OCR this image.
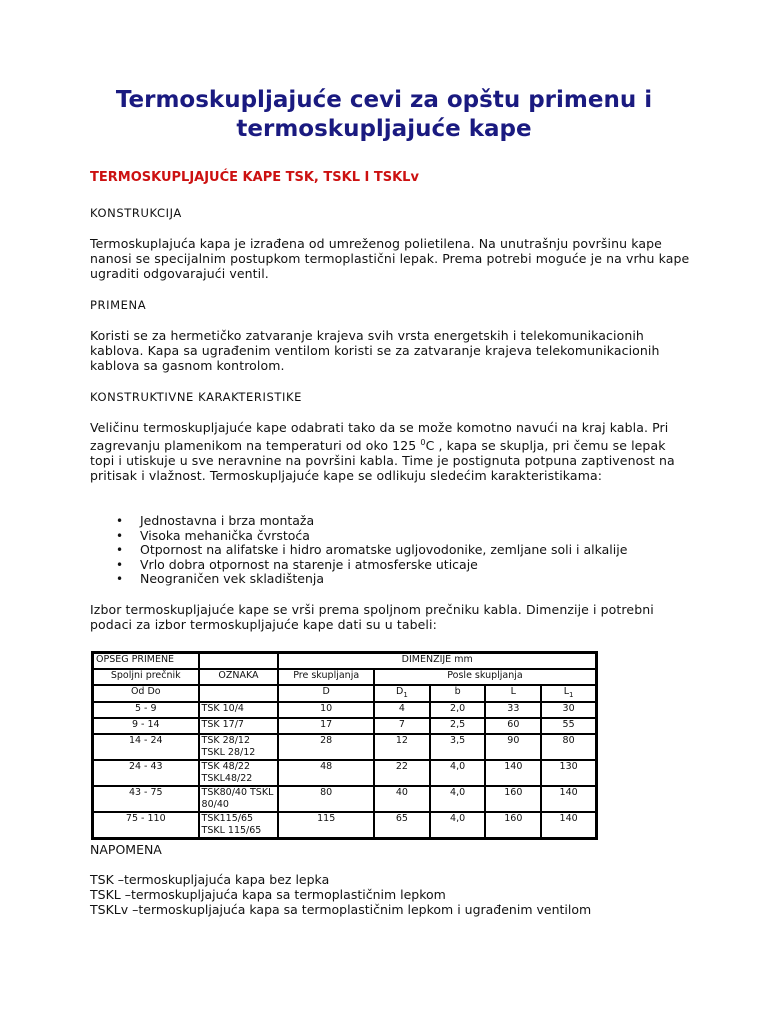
Termoskupljajuće cevi za opštu primenu i
termoskupljajuće kape
TERMOSKUPLJAJUĆE KAPE TSK, TSKL I TSKLv

KONSTRUKCIJA

Termoskuplajuća kapa je izrađena od umreženog polietilena. Na unutrašnju površinu kape nanosi se specijalnim postupkom termoplastični lepak. Prema potrebi moguće je na vrhu kape ugraditi odgovarajući ventil.

PRIMENA

Koristi se za hermetičko zatvaranje krajeva svih vrsta energetskih i telekomunikacionih kablova. Kapa sa ugrađenim ventilom koristi se za zatvaranje krajeva telekomunikacionih kablova sa gasnom kontrolom.

KONSTRUKTIVNE KARAKTERISTIKE

Veličinu termoskupljajuće kape odabrati tako da se može komotno navući na kraj kabla. Pri zagrevanju plamenikom na temperaturi od oko 125 $^0$C , kapa se skuplja, pri čemu se lepak topi i utiskuje u sve neravnine na površini kabla. Time je postignuta potpuna zaptivenost na pritisak i vlažnost. Termoskupljajuće kape se odlikuju sledećim karakteristikama:

• Jednostavna i brza montaža
• Visoka mehanička čvrstoća
• Otpornost na alifatske i hidro aromatske ugljovodonike, zemljane soli i alkalije
• Vrlo dobra otpornost na starenje i atmosferske uticaje
• Neograničen vek skladištenja

Izbor termoskupljajuće kape se vrši prema spoljnom prečniku kabla. Dimenzije i potrebni podaci za izbor termoskupljajuće kape dati su u tabeli:

OPSEG PRIMENE		DIMENZIJE mm				
Spoljni prečnik	OZNAKA	Pre skupljanja	Posle skupljanja			
Od Do		D	$D_1$	b	L	$L_1$
5 - 9	TSK 10/4	10	4	2,0	33	30
9 - 14	TSK 17/7	17	7	2,5	60	55
14 - 24	TSK 28/12 TSKL 28/12	28	12	3,5	90	80
24 - 43	TSK 48/22 TSKL48/22	48	22	4,0	140	130
43 - 75	TSK80/40 TSKL 80/40	80	40	4,0	160	140
75 - 110	TSK115/65 TSKL 115/65	115	65	4,0	160	140
NAPOMENA
TSK –termoskupljajuća kapa bez lepka
TSKL –termoskupljajuća kapa sa termoplastičnim lepkom
TSKLv –termoskupljajuća kapa sa termoplastičnim lepkom i ugrađenim ventilom
